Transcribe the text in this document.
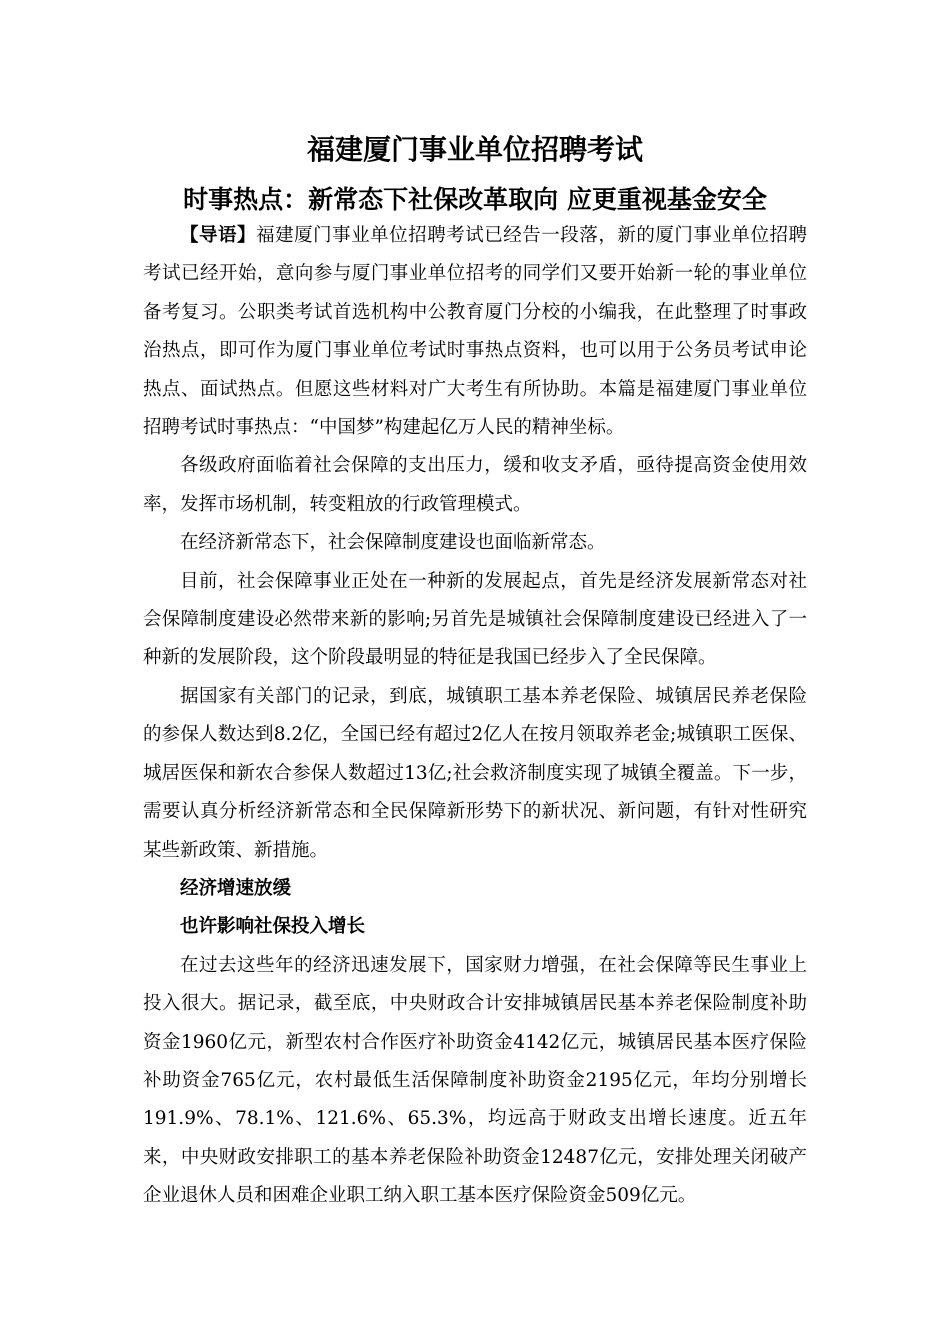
福建厦门事业单位招聘考试
时事热点：新常态下社保改革取向 应更重视基金安全

【导语】福建厦门事业单位招聘考试已经告一段落，新的厦门事业单位招聘考试已经开始，意向参与厦门事业单位招考的同学们又要开始新一轮的事业单位备考复习。公职类考试首选机构中公教育厦门分校的小编我，在此整理了时事政治热点，即可作为厦门事业单位考试时事热点资料，也可以用于公务员考试申论热点、面试热点。但愿这些材料对广大考生有所协助。本篇是福建厦门事业单位招聘考试时事热点：“中国梦”构建起亿万人民的精神坐标。

各级政府面临着社会保障的支出压力，缓和收支矛盾，亟待提高资金使用效率，发挥市场机制，转变粗放的行政管理模式。

在经济新常态下，社会保障制度建设也面临新常态。

目前，社会保障事业正处在一种新的发展起点，首先是经济发展新常态对社会保障制度建设必然带来新的影响;另首先是城镇社会保障制度建设已经进入了一种新的发展阶段，这个阶段最明显的特征是我国已经步入了全民保障。

据国家有关部门的记录，到底，城镇职工基本养老保险、城镇居民养老保险的参保人数达到8.2亿，全国已经有超过2亿人在按月领取养老金;城镇职工医保、城居医保和新农合参保人数超过13亿;社会救济制度实现了城镇全覆盖。下一步，需要认真分析经济新常态和全民保障新形势下的新状况、新问题，有针对性研究某些新政策、新措施。

经济增速放缓

也许影响社保投入增长

在过去这些年的经济迅速发展下，国家财力增强，在社会保障等民生事业上投入很大。据记录，截至底，中央财政合计安排城镇居民基本养老保险制度补助资金1960亿元，新型农村合作医疗补助资金4142亿元，城镇居民基本医疗保险补助资金765亿元，农村最低生活保障制度补助资金2195亿元，年均分别增长191.9%、78.1%、121.6%、65.3%，均远高于财政支出增长速度。近五年来，中央财政安排职工的基本养老保险补助资金12487亿元，安排处理关闭破产企业退休人员和困难企业职工纳入职工基本医疗保险资金509亿元。
